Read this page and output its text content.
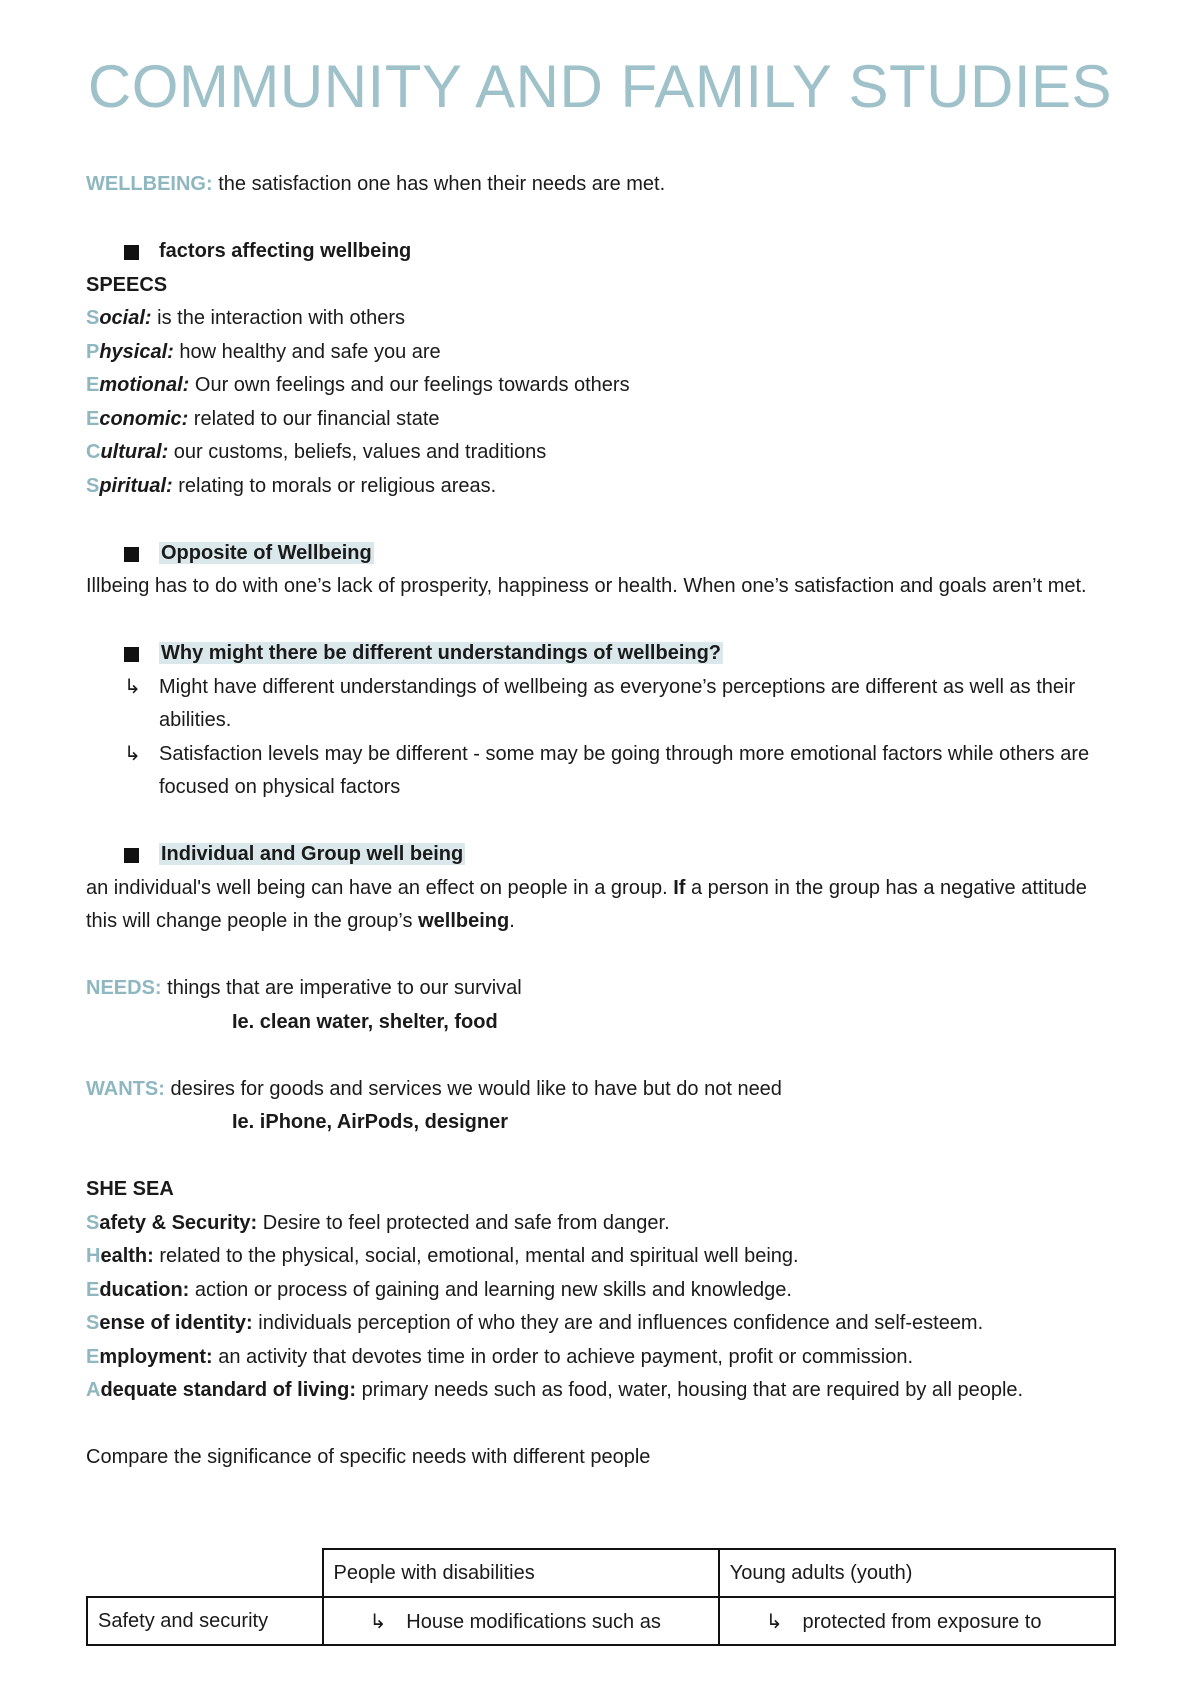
COMMUNITY AND FAMILY STUDIES
WELLBEING: the satisfaction one has when their needs are met.
factors affecting wellbeing
SPEECS
Social: is the interaction with others
Physical: how healthy and safe you are
Emotional: Our own feelings and our feelings towards others
Economic: related to our financial state
Cultural: our customs, beliefs, values and traditions
Spiritual: relating to morals or religious areas.
Opposite of Wellbeing
Illbeing has to do with one’s lack of prosperity, happiness or health. When one’s satisfaction and goals aren’t met.
Why might there be different understandings of wellbeing?
↳ Might have different understandings of wellbeing as everyone’s perceptions are different as well as their abilities.
↳ Satisfaction levels may be different - some may be going through more emotional factors while others are focused on physical factors
Individual and Group well being
an individual's well being can have an effect on people in a group. If a person in the group has a negative attitude this will change people in the group’s wellbeing.
NEEDS: things that are imperative to our survival
Ie. clean water, shelter, food
WANTS: desires for goods and services we would like to have but do not need
Ie. iPhone, AirPods, designer
SHE SEA
Safety & Security: Desire to feel protected and safe from danger.
Health: related to the physical, social, emotional, mental and spiritual well being.
Education: action or process of gaining and learning new skills and knowledge.
Sense of identity: individuals perception of who they are and influences confidence and self-esteem.
Employment: an activity that devotes time in order to achieve payment, profit or commission.
Adequate standard of living: primary needs such as food, water, housing that are required by all people.
Compare the significance of specific needs with different people
	People with disabilities	Young adults (youth)
Safety and security	↳ House modifications such as	↳ protected from exposure to
